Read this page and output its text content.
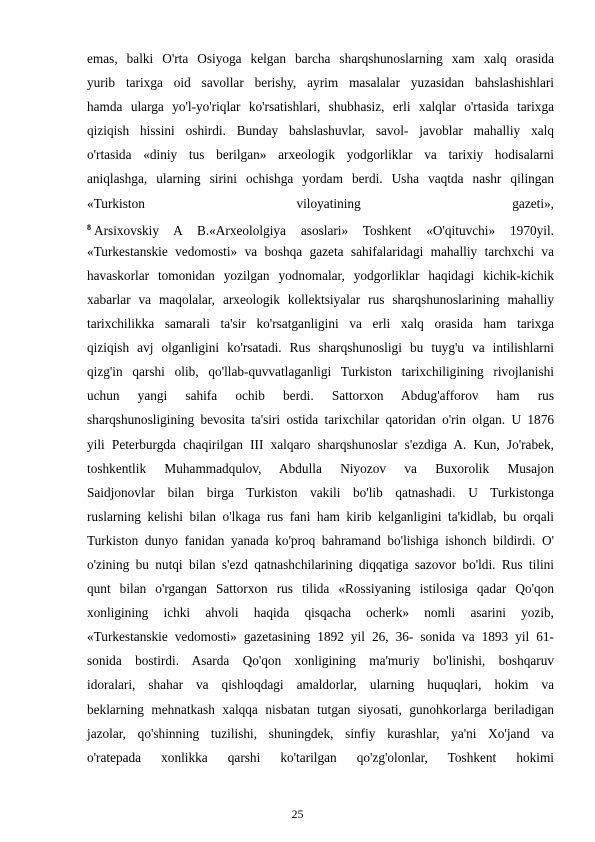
emas, balki O'rta Osiyoga kelgan barcha sharqshunoslarning xam xalq orasida
yurib tarixga oid savollar berishy, ayrim masalalar yuzasidan bahslashishlari
hamda ularga yo'l-yo'riqlar ko'rsatishlari, shubhasiz, erli xalqlar o'rtasida tarixga
qiziqish hissini oshirdi. Bunday bahslashuvlar, savol- javoblar mahalliy xalq
o'rtasida «diniy tus berilgan» arxeologik yodgorliklar va tarixiy hodisalarni
aniqlashga, ularning sirini ochishga yordam berdi. Usha vaqtda nashr qilingan
«Turkiston viloyatining gazeti»,
$^8$ Arsixovskiy A B.«Arxeololgiya asoslari» Toshkent «O'qituvchi» 1970yil.
«Turkestanskie vedomosti» va boshqa gazeta sahifalaridagi mahalliy tarchxchi va
havaskorlar tomonidan yozilgan yodnomalar, yodgorliklar haqidagi kichik-kichik
xabarlar va maqolalar, arxeologik kollektsiyalar rus sharqshunoslarining mahalliy
tarixchilikka samarali ta'sir ko'rsatganligini va erli xalq orasida ham tarixga
qiziqish avj olganligini ko'rsatadi. Rus sharqshunosligi bu tuyg'u va intilishlarni
qizg'in qarshi olib, qo'llab-quvvatlaganligi Turkiston tarixchiligining rivojlanishi
uchun yangi sahifa ochib berdi. Sattorxon Abdug'afforov ham rus
sharqshunosligining bevosita ta'siri ostida tarixchilar qatoridan o'rin olgan. U 1876
yili Peterburgda chaqirilgan III xalqaro sharqshunoslar s'ezdiga A. Kun, Jo'rabek,
toshkentlik Muhammadqulov, Abdulla Niyozov va Buxorolik Musajon
Saidjonovlar bilan birga Turkiston vakili bo'lib qatnashadi. U Turkistonga
ruslarning kelishi bilan o'lkaga rus fani ham kirib kelganligini ta'kidlab, bu orqali
Turkiston dunyo fanidan yanada ko'proq bahramand bo'lishiga ishonch bildirdi. O'
o'zining bu nutqi bilan s'ezd qatnashchilarining diqqatiga sazovor bo'ldi. Rus tilini
qunt bilan o'rgangan Sattorxon rus tilida «Rossiyaning istilosiga qadar Qo'qon
xonligining ichki ahvoli haqida qisqacha ocherk» nomli asarini yozib,
«Turkestanskie vedomosti» gazetasining 1892 yil 26, 36- sonida va 1893 yil 61-
sonida bostirdi. Asarda Qo'qon xonligining ma'muriy bo'linishi, boshqaruv
idoralari, shahar va qishloqdagi amaldorlar, ularning huquqlari, hokim va
beklarning mehnatkash xalqqa nisbatan tutgan siyosati, gunohkorlarga beriladigan
jazolar, qo'shinning tuzilishi, shuningdek, sinfiy kurashlar, ya'ni Xo'jand va
o'ratepada xonlikka qarshi ko'tarilgan qo'zg'olonlar, Toshkent hokimi
25
